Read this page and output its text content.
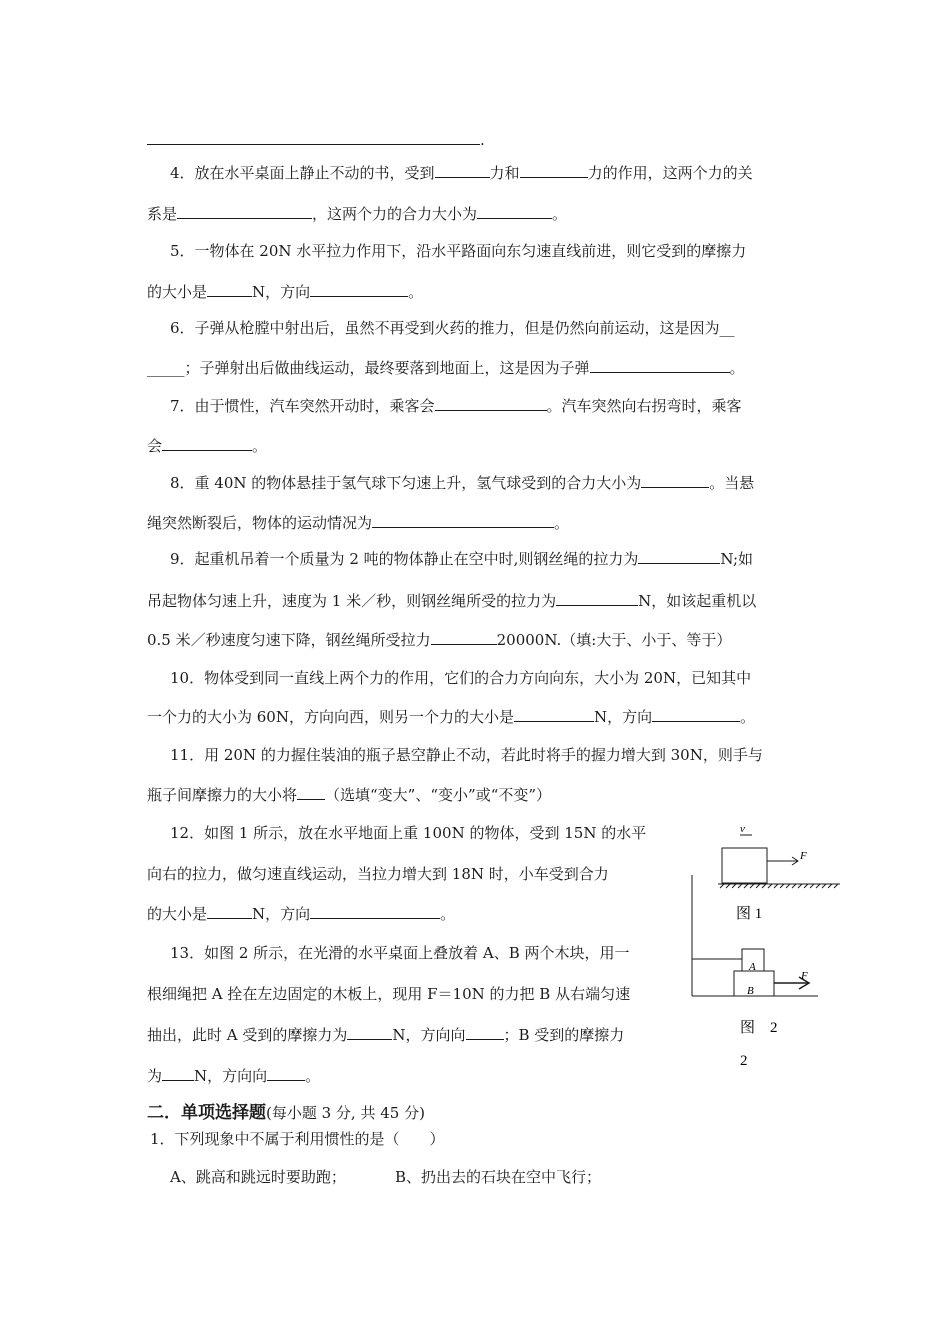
.
4．放在水平桌面上静止不动的书，受到	力和	力的作用，这两个力的关
系是	，这两个力的合力大小为	。
5．一物体在 20N 水平拉力作用下，沿水平路面向东匀速直线前进，则它受到的摩擦力
的大小是	N，方向	。
6．子弹从枪膛中射出后，虽然不再受到火药的推力，但是仍然向前运动，这是因为__
_____；子弹射出后做曲线运动，最终要落到地面上，这是因为子弹	。
7．由于惯性，汽车突然开动时，乘客会	。汽车突然向右拐弯时，乘客
会	。
8．重 40N 的物体悬挂于氢气球下匀速上升，氢气球受到的合力大小为	。当悬
绳突然断裂后，物体的运动情况为	。
9．起重机吊着一个质量为 2 吨的物体静止在空中时,则钢丝绳的拉力为	N;如
吊起物体匀速上升，速度为 1 米／秒，则钢丝绳所受的拉力为	N，如该起重机以
0.5 米／秒速度匀速下降，钢丝绳所受拉力	20000N.（填:大于、小于、等于）
10．物体受到同一直线上两个力的作用，它们的合力方向向东，大小为 20N，已知其中
一个力的大小为 60N，方向向西，则另一个力的大小是	N，方向	。
11．用 20N 的力握住装油的瓶子悬空静止不动，若此时将手的握力增大到 30N，则手与
瓶子间摩擦力的大小将 （选填“变大”、“变小”或“不变”）
12．如图 1 所示，放在水平地面上重 100N 的物体，受到 15N 的水平
向右的拉力，做匀速直线运动，当拉力增大到 18N 时，小车受到合力
的大小是	N，方向	。
13．如图 2 所示，在光滑的水平桌面上叠放着 A、B 两个木块，用一
根细绳把 A 拴在左边固定的木板上，现用 F＝10N 的力把 B 从右端匀速
抽出，此时 A 受到的摩擦力为	N，方向向	；B 受到的摩擦力
为 N，方向向	。
二．单项选择题(每小题 3 分, 共 45 分)
1．下列现象中不属于利用惯性的是（　　）
A、跳高和跳远时要助跑；	B、扔出去的石块在空中飞行；
v
F
图 1
A
B
F
图　2
2
